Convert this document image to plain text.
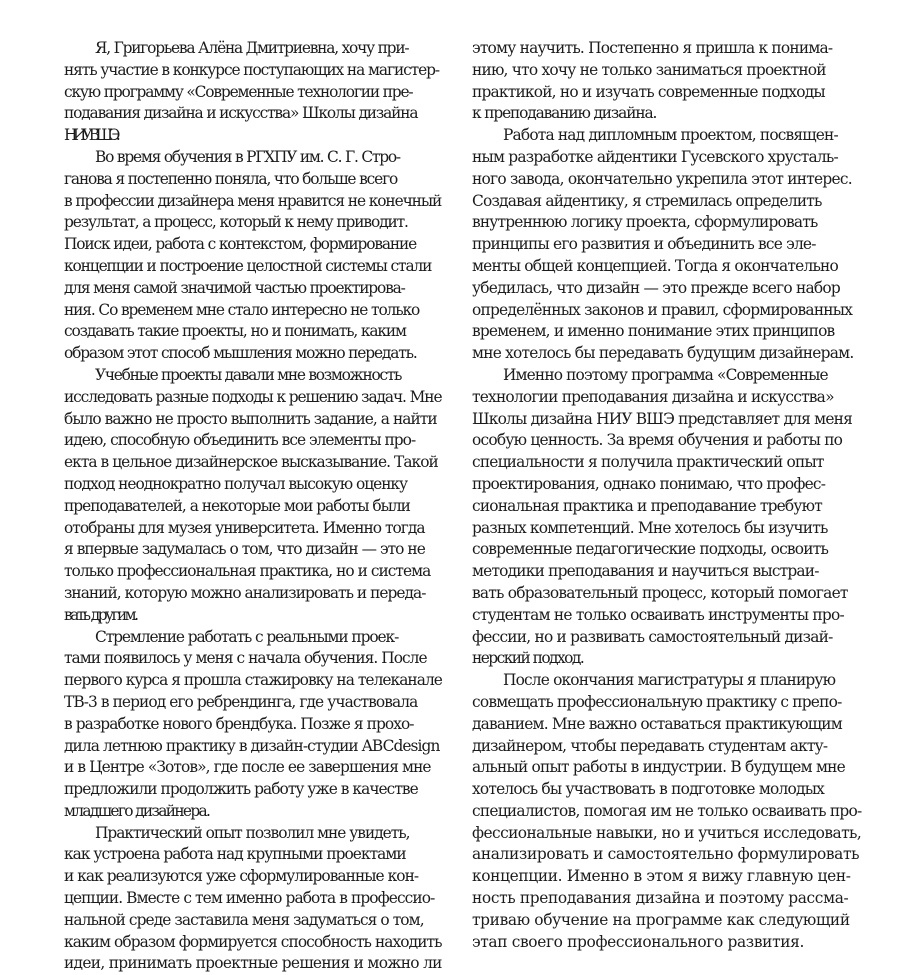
Я, Григорьева Алёна Дмитриевна, хочу при-
нять участие в конкурсе поступающих на магистер-
скую программу «Современные технологии пре-
подавания дизайна и искусства» Школы дизайна
НИУ ВШЭ.
Во время обучения в РГХПУ им. С. Г. Стро-
ганова я постепенно поняла, что больше всего
в профессии дизайнера меня нравится не конечный
результат, а процесс, который к нему приводит.
Поиск идеи, работа с контекстом, формирование
концепции и построение целостной системы стали
для меня самой значимой частью проектирова-
ния. Со временем мне стало интересно не только
создавать такие проекты, но и понимать, каким
образом этот способ мышления можно передать.
Учебные проекты давали мне возможность
исследовать разные подходы к решению задач. Мне
было важно не просто выполнить задание, а найти
идею, способную объединить все элементы про-
екта в цельное дизайнерское высказывание. Такой
подход неоднократно получал высокую оценку
преподавателей, а некоторые мои работы были
отобраны для музея университета. Именно тогда
я впервые задумалась о том, что дизайн — это не
только профессиональная практика, но и система
знаний, которую можно анализировать и переда-
вать другим.
Стремление работать с реальными проек-
тами появилось у меня с начала обучения. После
первого курса я прошла стажировку на телеканале
ТВ-3 в период его ребрендинга, где участвовала
в разработке нового брендбука. Позже я прохо-
дила летнюю практику в дизайн-студии ABCdesign
и в Центре «Зотов», где после ее завершения мне
предложили продолжить работу уже в качестве
младшего дизайнера.
Практический опыт позволил мне увидеть,
как устроена работа над крупными проектами
и как реализуются уже сформулированные кон-
цепции. Вместе с тем именно работа в профессио-
нальной среде заставила меня задуматься о том,
каким образом формируется способность находить
идеи, принимать проектные решения и можно ли
этому научить. Постепенно я пришла к понима-
нию, что хочу не только заниматься проектной
практикой, но и изучать современные подходы
к преподаванию дизайна.
Работа над дипломным проектом, посвящен-
ным разработке айдентики Гусевского хрусталь-
ного завода, окончательно укрепила этот интерес.
Создавая айдентику, я стремилась определить
внутреннюю логику проекта, сформулировать
принципы его развития и объединить все эле-
менты общей концепцией. Тогда я окончательно
убедилась, что дизайн — это прежде всего набор
определённых законов и правил, сформированных
временем, и именно понимание этих принципов
мне хотелось бы передавать будущим дизайнерам.
Именно поэтому программа «Современные
технологии преподавания дизайна и искусства»
Школы дизайна НИУ ВШЭ представляет для меня
особую ценность. За время обучения и работы по
специальности я получила практический опыт
проектирования, однако понимаю, что профес-
сиональная практика и преподавание требуют
разных компетенций. Мне хотелось бы изучить
современные педагогические подходы, освоить
методики преподавания и научиться выстраи-
вать образовательный процесс, который помогает
студентам не только осваивать инструменты про-
фессии, но и развивать самостоятельный дизай-
нерский подход.
После окончания магистратуры я планирую
совмещать профессиональную практику с препо-
даванием. Мне важно оставаться практикующим
дизайнером, чтобы передавать студентам акту-
альный опыт работы в индустрии. В будущем мне
хотелось бы участвовать в подготовке молодых
специалистов, помогая им не только осваивать про-
фессиональные навыки, но и учиться исследовать,
анализировать и самостоятельно формулировать
концепции. Именно в этом я вижу главную цен-
ность преподавания дизайна и поэтому рассма-
триваю обучение на программе как следующий
этап своего профессионального развития.
